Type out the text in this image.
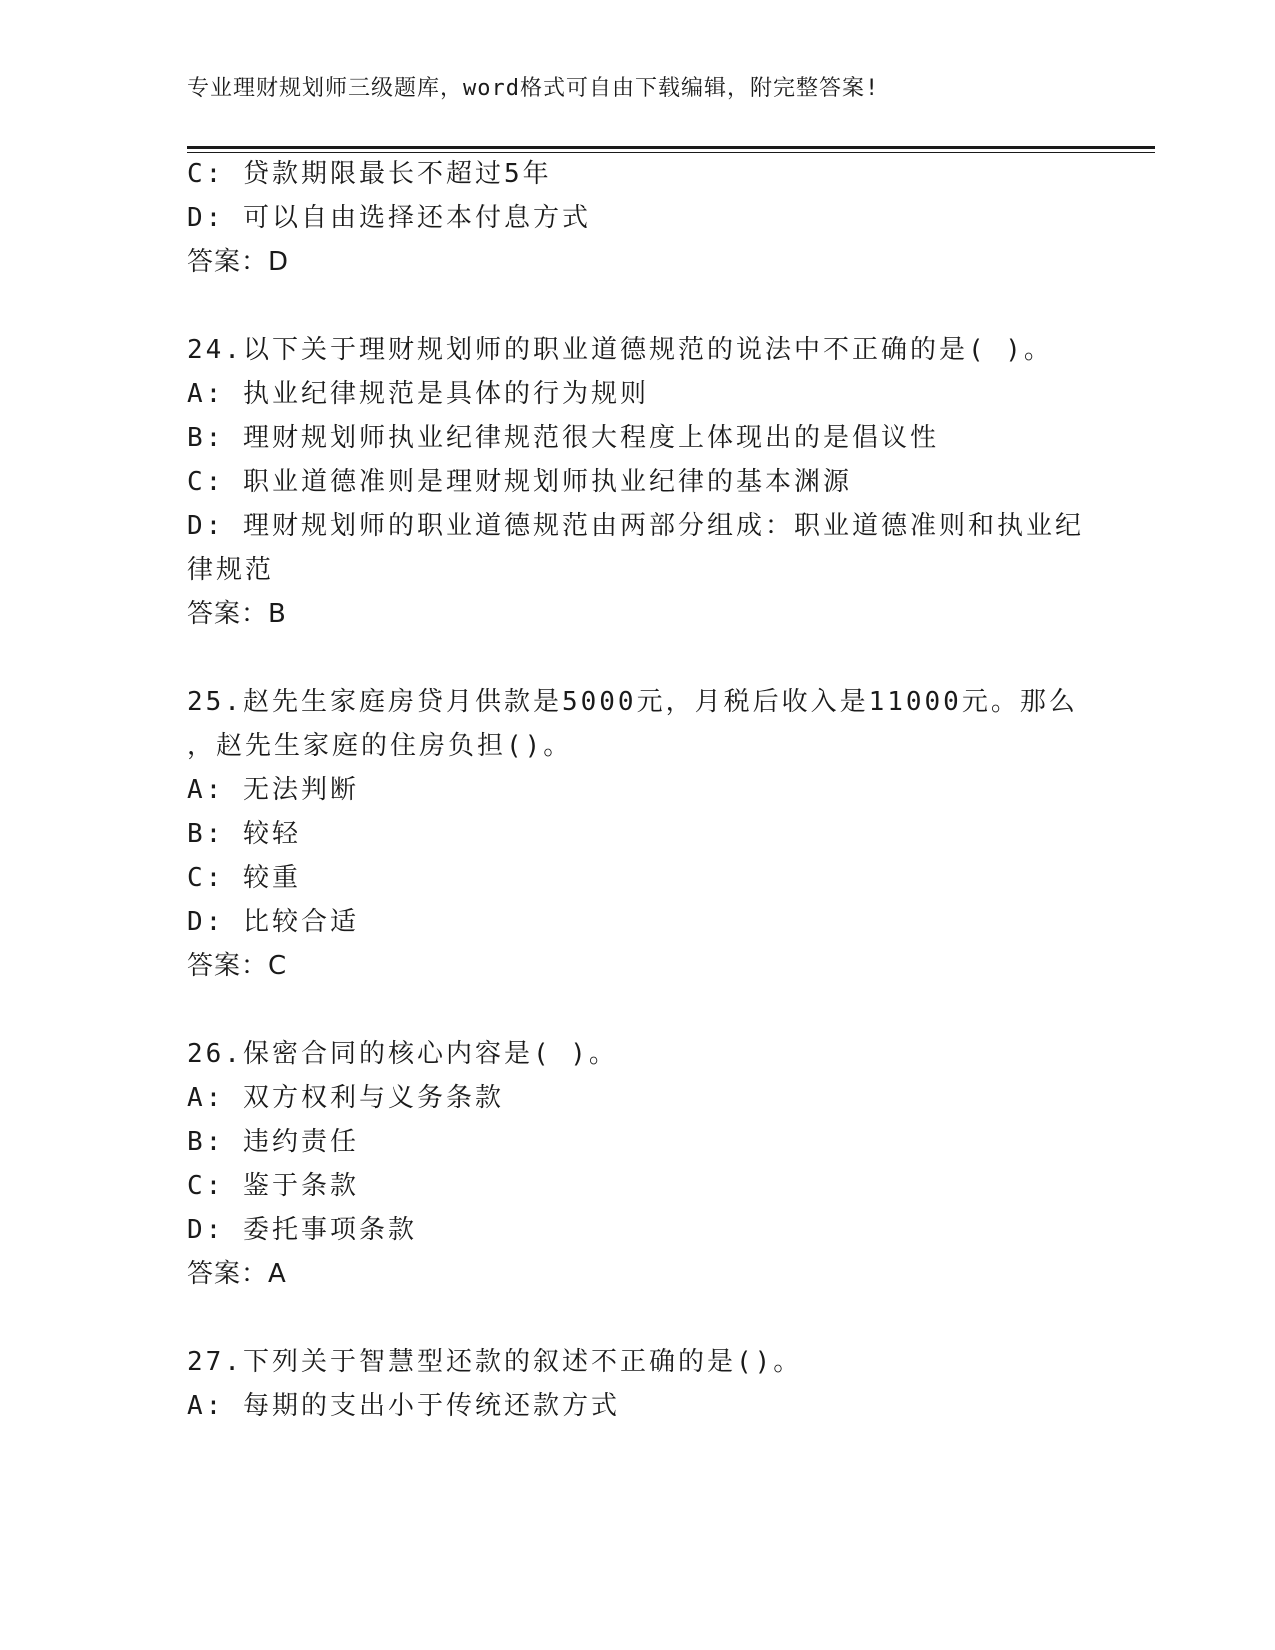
专业理财规划师三级题库，word格式可自由下载编辑，附完整答案!
C: 贷款期限最长不超过5年
D: 可以自由选择还本付息方式
答案：D
24.以下关于理财规划师的职业道德规范的说法中不正确的是( )。
A: 执业纪律规范是具体的行为规则
B: 理财规划师执业纪律规范很大程度上体现出的是倡议性
C: 职业道德准则是理财规划师执业纪律的基本渊源
D: 理财规划师的职业道德规范由两部分组成：职业道德准则和执业纪
律规范
答案：B
25.赵先生家庭房贷月供款是5000元，月税后收入是11000元。那么
，赵先生家庭的住房负担()。
A: 无法判断
B: 较轻
C: 较重
D: 比较合适
答案：C
26.保密合同的核心内容是( )。
A: 双方权利与义务条款
B: 违约责任
C: 鉴于条款
D: 委托事项条款
答案：A
27.下列关于智慧型还款的叙述不正确的是()。
A: 每期的支出小于传统还款方式
